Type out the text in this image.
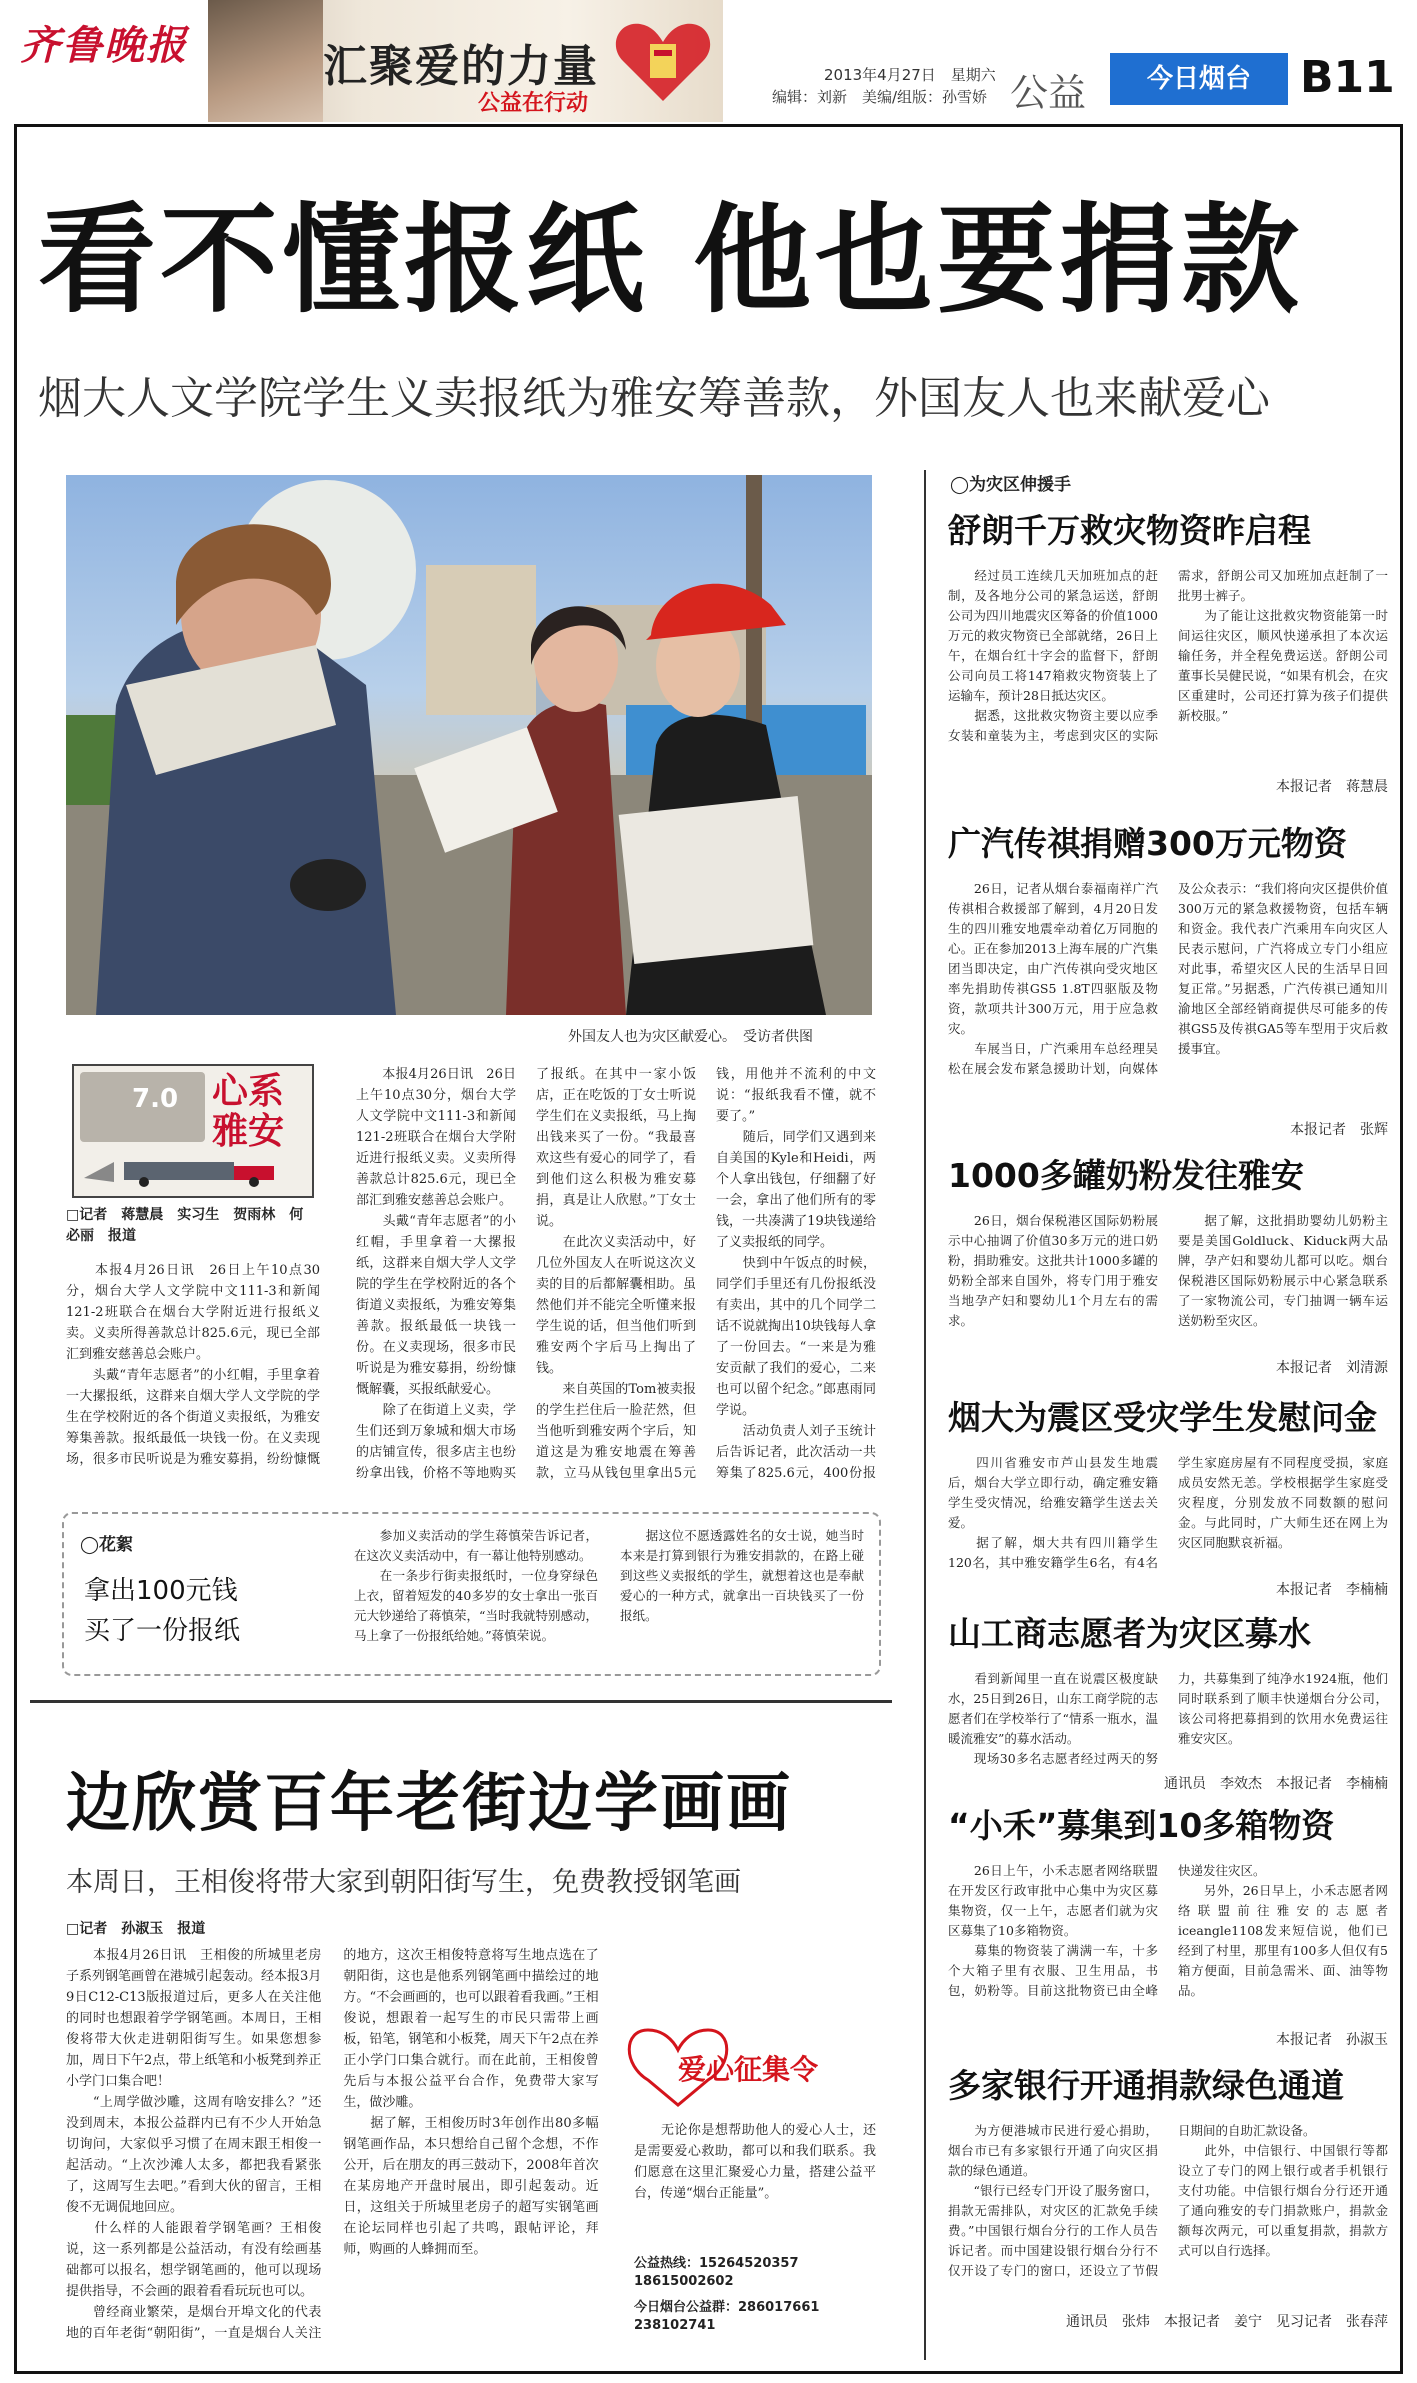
齐鲁晚报	汇聚爱的力量
公益在行动
2013年4月27日　星期六
编辑：刘新　美编/组版：孙雪娇 公益	今日烟台	B11
看不懂报纸 他也要捐款
烟大人文学院学生义卖报纸为雅安筹善款，外国友人也来献爱心
外国友人也为灾区献爱心。　受访者供图
7.0 心系雅安
□记者　蒋慧晨　实习生　贺雨林　何必丽　报道
　　本报4月26日讯　26日上午10点30分，烟台大学人文学院中文111-3和新闻121-2班联合在烟台大学附近进行报纸义卖。义卖所得善款总计825.6元，现已全部汇到雅安慈善总会账户。
　　头戴“青年志愿者”的小红帽，手里拿着一大摞报纸，这群来自烟大学人文学院的学生在学校附近的各个街道义卖报纸，为雅安筹集善款。报纸最低一块钱一份。在义卖现场，很多市民听说是为雅安募捐，纷纷慷慨

　　本报4月26日讯　26日上午10点30分，烟台大学人文学院中文111-3和新闻121-2班联合在烟台大学附近进行报纸义卖。义卖所得善款总计825.6元，现已全部汇到雅安慈善总会账户。
　　头戴“青年志愿者”的小红帽，手里拿着一大摞报纸，这群来自烟大学人文学院的学生在学校附近的各个街道义卖报纸，为雅安筹集善款。报纸最低一块钱一份。在义卖现场，很多市民听说是为雅安募捐，纷纷慷慨解囊，买报纸献爱心。
　　除了在街道上义卖，学生们还到万象城和烟大市场的店铺宣传，很多店主也纷纷拿出钱，价格不等地购买了报纸。在其中一家小饭店，正在吃饭的丁女士听说学生们在义卖报纸，马上掏出钱来买了一份。“我最喜欢这些有爱心的同学了，看到他们这么积极为雅安募捐，真是让人欣慰。”丁女士说。
　　在此次义卖活动中，好几位外国友人在听说这次义卖的目的后都解囊相助。虽然他们并不能完全听懂来报学生说的话，但当他们听到雅安两个字后马上掏出了钱。
　　来自英国的Tom被卖报的学生拦住后一脸茫然，但当他听到雅安两个字后，知道这是为雅安地震在筹善款，立马从钱包里拿出5元钱，用他并不流利的中文说：“报纸我看不懂，就不要了。”
　　随后，同学们又遇到来自美国的Kyle和Heidi，两个人拿出钱包，仔细翻了好一会，拿出了他们所有的零钱，一共凑满了19块钱递给了义卖报纸的同学。
　　快到中午饭点的时候，同学们手里还有几份报纸没有卖出，其中的几个同学二话不说就掏出10块钱每人拿了一份回去。“一来是为雅安贡献了我们的爱心，二来也可以留个纪念。”郎惠雨同学说。
　　活动负责人刘子玉统计后告诉记者，此次活动一共筹集了825.6元，400份报
◯花絮
拿出100元钱
买了一份报纸
　　参加义卖活动的学生蒋慎荣告诉记者，在这次义卖活动中，有一幕让他特别感动。
　　在一条步行街卖报纸时，一位身穿绿色上衣，留着短发的40多岁的女士拿出一张百元大钞递给了蒋慎荣，“当时我就特别感动，马上拿了一份报纸给她。”蒋慎荣说。
　　据这位不愿透露姓名的女士说，她当时本来是打算到银行为雅安捐款的，在路上碰到这些义卖报纸的学生，就想着这也是奉献爱心的一种方式，就拿出一百块钱买了一份报纸。
边欣赏百年老街边学画画
本周日，王相俊将带大家到朝阳街写生，免费教授钢笔画
□记者　孙淑玉　报道
　　本报4月26日讯　王相俊的所城里老房子系列钢笔画曾在港城引起轰动。经本报3月9日C12-C13版报道过后，更多人在关注他的同时也想跟着学学钢笔画。本周日，王相俊将带大伙走进朝阳街写生。如果您想参加，周日下午2点，带上纸笔和小板凳到养正小学门口集合吧！
　　“上周学做沙雕，这周有啥安排么？”还没到周末，本报公益群内已有不少人开始急切询问，大家似乎习惯了在周末跟王相俊一起活动。“上次沙滩人太多，都把我看紧张了，这周写生去吧。”看到大伙的留言，王相俊不无调侃地回应。
　　什么样的人能跟着学钢笔画？王相俊说，这一系列都是公益活动，有没有绘画基础都可以报名，想学钢笔画的，他可以现场提供指导，不会画的跟着看看玩玩也可以。
　　曾经商业繁荣，是烟台开埠文化的代表地的百年老街“朝阳街”，一直是烟台人关注的地方，这次王相俊特意将写生地点选在了朝阳街，这也是他系列钢笔画中描绘过的地方。“不会画画的，也可以跟着看我画。”王相俊说，想跟着一起写生的市民只需带上画板，铅笔，钢笔和小板凳，周天下午2点在养正小学门口集合就行。而在此前，王相俊曾先后与本报公益平台合作，免费带大家写生，做沙雕。
　　据了解，王相俊历时3年创作出80多幅钢笔画作品，本只想给自己留个念想，不作公开，后在朋友的再三鼓动下，2008年首次在某房地产开盘时展出，即引起轰动。近日，这组关于所城里老房子的超写实钢笔画在论坛同样也引起了共鸣，跟帖评论，拜师，购画的人蜂拥而至。
爱心征集令
　　无论你是想帮助他人的爱心人士，还是需要爱心救助，都可以和我们联系。我们愿意在这里汇聚爱心力量，搭建公益平台，传递“烟台正能量”。
公益热线：15264520357
18615002602
今日烟台公益群：286017661
238102741
◯为灾区伸援手
舒朗千万救灾物资昨启程
　　经过员工连续几天加班加点的赶制，及各地分公司的紧急运送，舒朗公司为四川地震灾区筹备的价值1000万元的救灾物资已全部就绪，26日上午，在烟台红十字会的监督下，舒朗公司向员工将147箱救灾物资装上了运输车，预计28日抵达灾区。
　　据悉，这批救灾物资主要以应季女装和童装为主，考虑到灾区的实际需求，舒朗公司又加班加点赶制了一批男士裤子。
　　为了能让这批救灾物资能第一时间运往灾区，顺风快递承担了本次运输任务，并全程免费运送。舒朗公司董事长吴健民说，“如果有机会，在灾区重建时，公司还打算为孩子们提供新校服。”
本报记者　蒋慧晨
广汽传祺捐赠300万元物资
　　26日，记者从烟台泰福南祥广汽传祺相合救援部了解到，4月20日发生的四川雅安地震牵动着亿万同胞的心。正在参加2013上海车展的广汽集团当即决定，由广汽传祺向受灾地区率先捐助传祺GS5 1.8T四驱版及物资，款项共计300万元，用于应急救灾。
　　车展当日，广汽乘用车总经理吴松在展会发布紧急援助计划，向媒体及公众表示：“我们将向灾区提供价值300万元的紧急救援物资，包括车辆和资金。我代表广汽乘用车向灾区人民表示慰问，广汽将成立专门小组应对此事，希望灾区人民的生活早日回复正常。”另据悉，广汽传祺已通知川渝地区全部经销商提供尽可能多的传祺GS5及传祺GA5等车型用于灾后救援事宜。
本报记者　张辉
1000多罐奶粉发往雅安
　　26日，烟台保税港区国际奶粉展示中心抽调了价值30多万元的进口奶粉，捐助雅安。这批共计1000多罐的奶粉全部来自国外，将专门用于雅安当地孕产妇和婴幼儿1个月左右的需求。
　　据了解，这批捐助婴幼儿奶粉主要是美国Goldluck、Kiduck两大品牌，孕产妇和婴幼儿都可以吃。烟台保税港区国际奶粉展示中心紧急联系了一家物流公司，专门抽调一辆车运送奶粉至灾区。
本报记者　刘清源
烟大为震区受灾学生发慰问金
　　四川省雅安市芦山县发生地震后，烟台大学立即行动，确定雅安籍学生受灾情况，给雅安籍学生送去关爱。
　　据了解，烟大共有四川籍学生120名，其中雅安籍学生6名，有4名学生家庭房屋有不同程度受损，家庭成员安然无恙。学校根据学生家庭受灾程度，分别发放不同数额的慰问金。与此同时，广大师生还在网上为灾区同胞默哀祈福。
本报记者　李楠楠
山工商志愿者为灾区募水
　　看到新闻里一直在说震区极度缺水，25日到26日，山东工商学院的志愿者们在学校举行了“情系一瓶水，温暖流雅安”的募水活动。
　　现场30多名志愿者经过两天的努力，共募集到了纯净水1924瓶，他们同时联系到了顺丰快递烟台分公司，该公司将把募捐到的饮用水免费运往雅安灾区。
通讯员　李效杰　本报记者　李楠楠
“小禾”募集到10多箱物资
　　26日上午，小禾志愿者网络联盟在开发区行政审批中心集中为灾区募集物资，仅一上午，志愿者们就为灾区募集了10多箱物资。
　　募集的物资装了满满一车，十多个大箱子里有衣服、卫生用品，书包，奶粉等。目前这批物资已由全峰快递发往灾区。
　　另外，26日早上，小禾志愿者网络联盟前往雅安的志愿者iceangle1108发来短信说，他们已经到了村里，那里有100多人但仅有5箱方便面，目前急需米、面、油等物品。
本报记者　孙淑玉
多家银行开通捐款绿色通道
　　为方便港城市民进行爱心捐助，烟台市已有多家银行开通了向灾区捐款的绿色通道。
　　“银行已经专门开设了服务窗口，捐款无需排队，对灾区的汇款免手续费。”中国银行烟台分行的工作人员告诉记者。而中国建设银行烟台分行不仅开设了专门的窗口，还设立了节假日期间的自助汇款设备。
　　此外，中信银行、中国银行等都设立了专门的网上银行或者手机银行支付功能。中信银行烟台分行还开通了通向雅安的专门捐款账户，捐款金额每次两元，可以重复捐款，捐款方式可以自行选择。
通讯员　张炜　本报记者　姜宁　见习记者　张春萍
